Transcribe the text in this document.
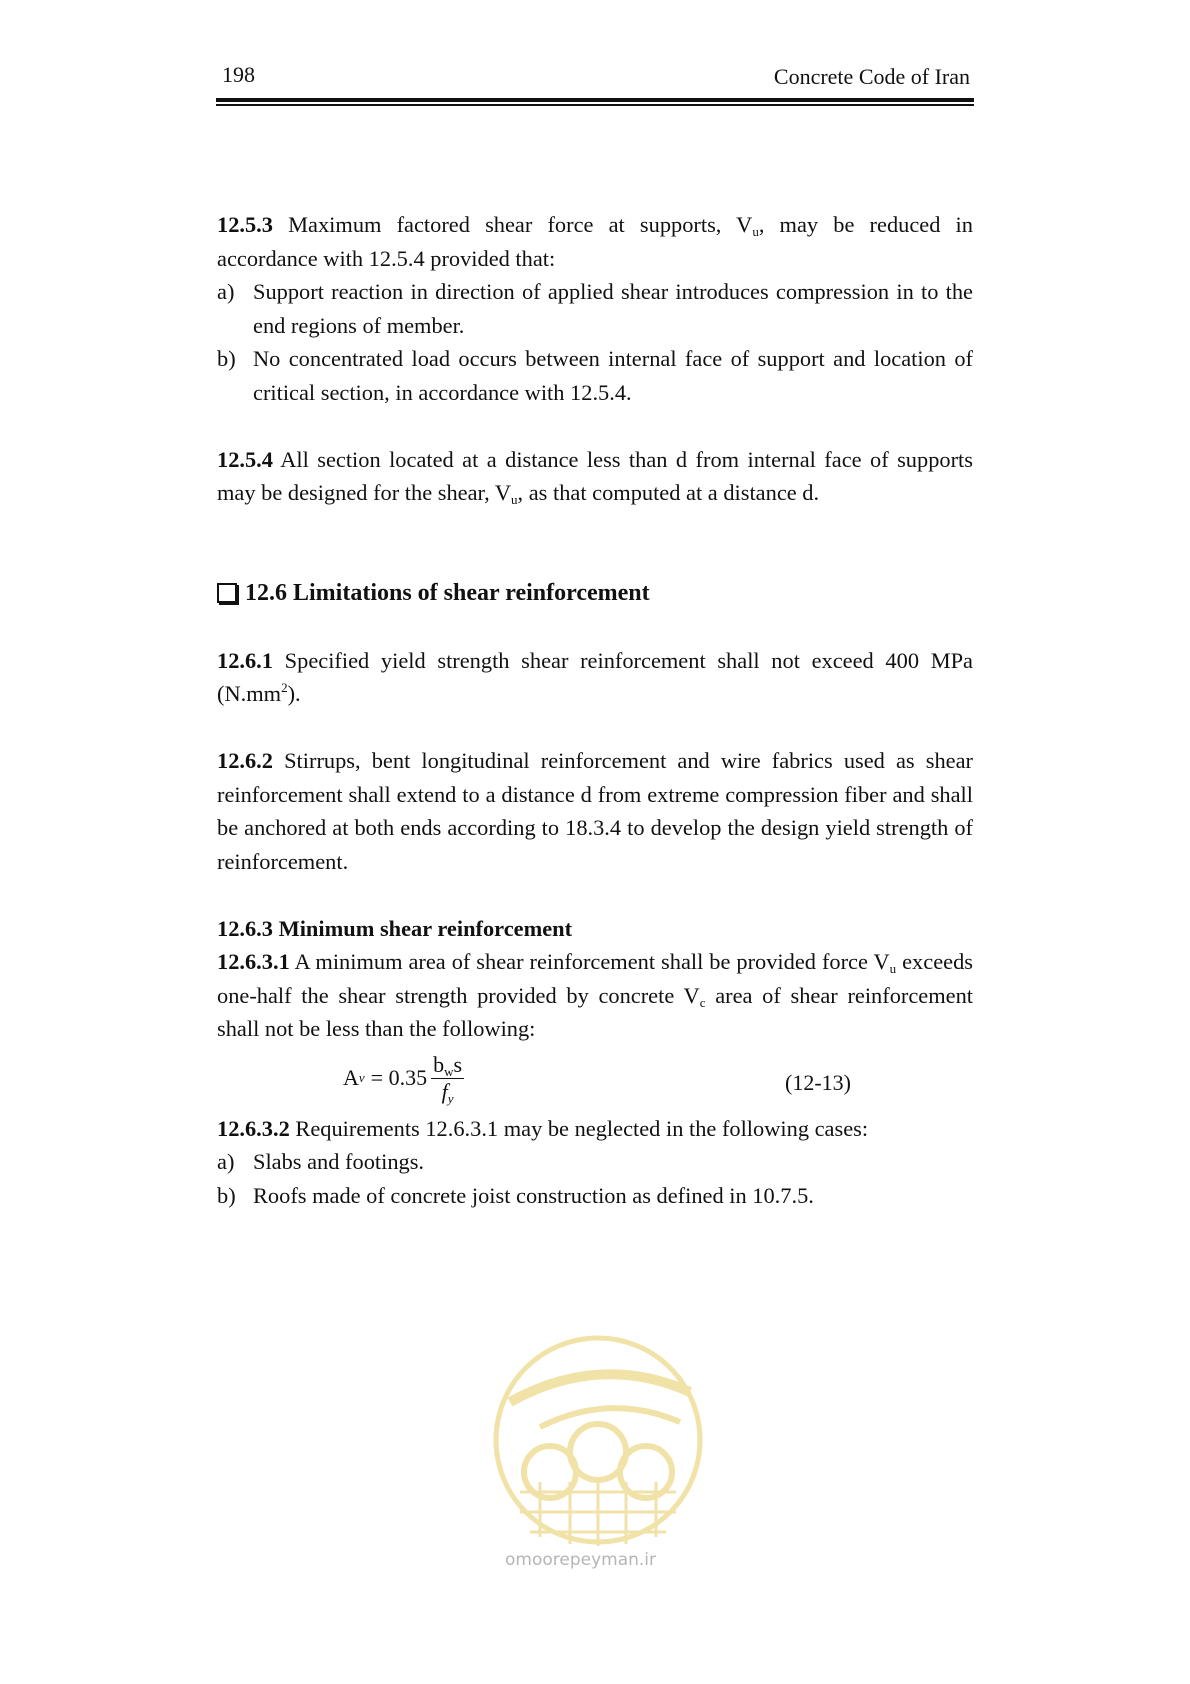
198	Concrete Code of Iran

12.5.3 Maximum factored shear force at supports, $V_u$, may be reduced in accordance with 12.5.4 provided that:

a) Support reaction in direction of applied shear introduces compression in to the end regions of member.
b) No concentrated load occurs between internal face of support and location of critical section, in accordance with 12.5.4.

12.5.4 All section located at a distance less than d from internal face of supports may be designed for the shear, $V_u$, as that computed at a distance d.

12.6 Limitations of shear reinforcement

12.6.1 Specified yield strength shear reinforcement shall not exceed 400 MPa $(N.mm^2)$.

12.6.2 Stirrups, bent longitudinal reinforcement and wire fabrics used as shear reinforcement shall extend to a distance d from extreme compression fiber and shall be anchored at both ends according to 18.3.4 to develop the design yield strength of reinforcement.

12.6.3 Minimum shear reinforcement

12.6.3.1 A minimum area of shear reinforcement shall be provided force $V_u$ exceeds one-half the shear strength provided by concrete $V_c$ area of shear reinforcement shall not be less than the following:

A $v = 0.35 \frac{b_ws}{f_y}$	(12-13)

12.6.3.2 Requirements 12.6.3.1 may be neglected in the following cases:

a) Slabs and footings.
b) Roofs made of concrete joist construction as defined in 10.7.5.
omoorepeyman.ir
